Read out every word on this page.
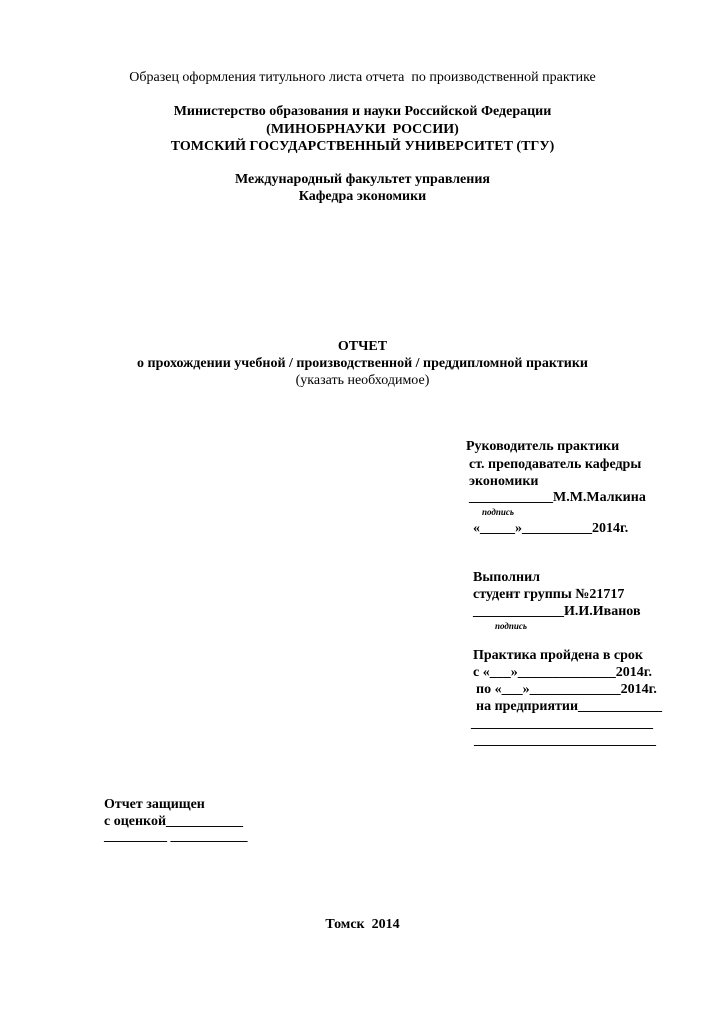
Образец оформления титульного листа отчета  по производственной практике
Министерство образования и науки Российской Федерации
(МИНОБРНАУКИ  РОССИИ)
ТОМСКИЙ ГОСУДАРСТВЕННЫЙ УНИВЕРСИТЕТ (ТГУ)
Международный факультет управления
Кафедра экономики
ОТЧЕТ
о прохождении учебной / производственной / преддипломной практики
(указать необходимое)
Руководитель практики
ст. преподаватель кафедры
экономики
____________М.М.Малкина
подпись
«_____»__________2014г.
Выполнил
студент группы №21717
_____________И.И.Иванов
подпись
Практика пройдена в срок
с «___»______________2014г.
по «___»_____________2014г.
на предприятии____________
__________________________
__________________________
Отчет защищен
с оценкой___________
_________ ___________
Томск  2014
